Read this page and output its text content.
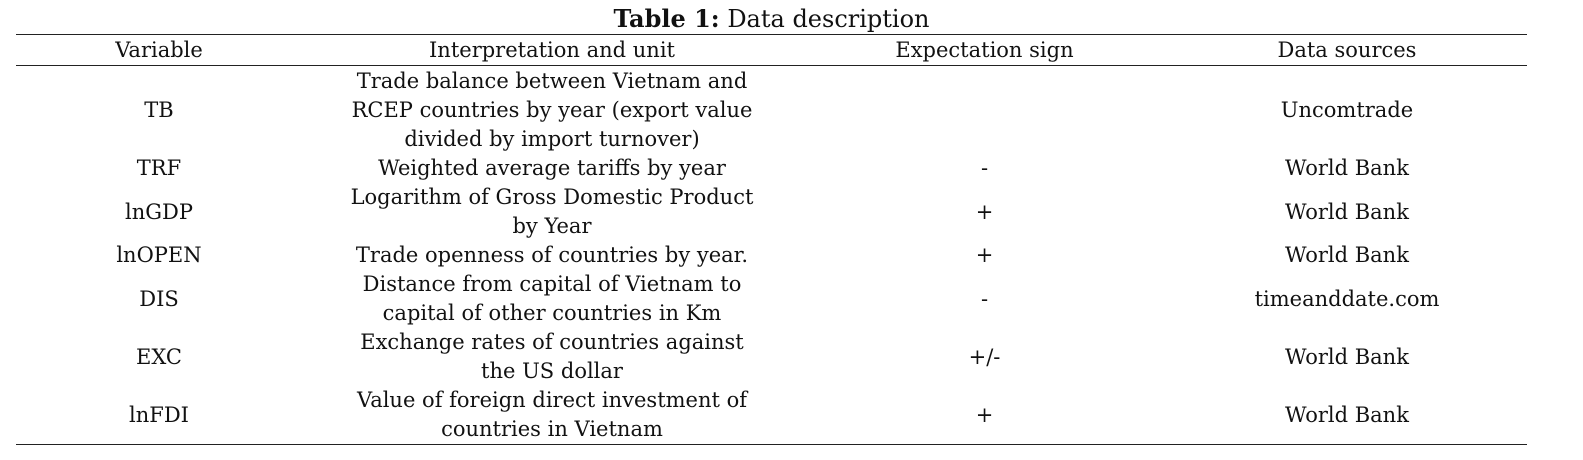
Table 1: Data description
Variable	Interpretation and unit	Expectation sign	Data sources
TB	Trade balance between Vietnam and RCEP countries by year (export value divided by import turnover)		Uncomtrade
TRF	Weighted average tariffs by year	-	World Bank
lnGDP	Logarithm of Gross Domestic Product by Year	+	World Bank
lnOPEN	Trade openness of countries by year.	+	World Bank
DIS	Distance from capital of Vietnam to capital of other countries in Km	-	timeanddate.com
EXC	Exchange rates of countries against the US dollar	+/-	World Bank
lnFDI	Value of foreign direct investment of countries in Vietnam	+	World Bank
